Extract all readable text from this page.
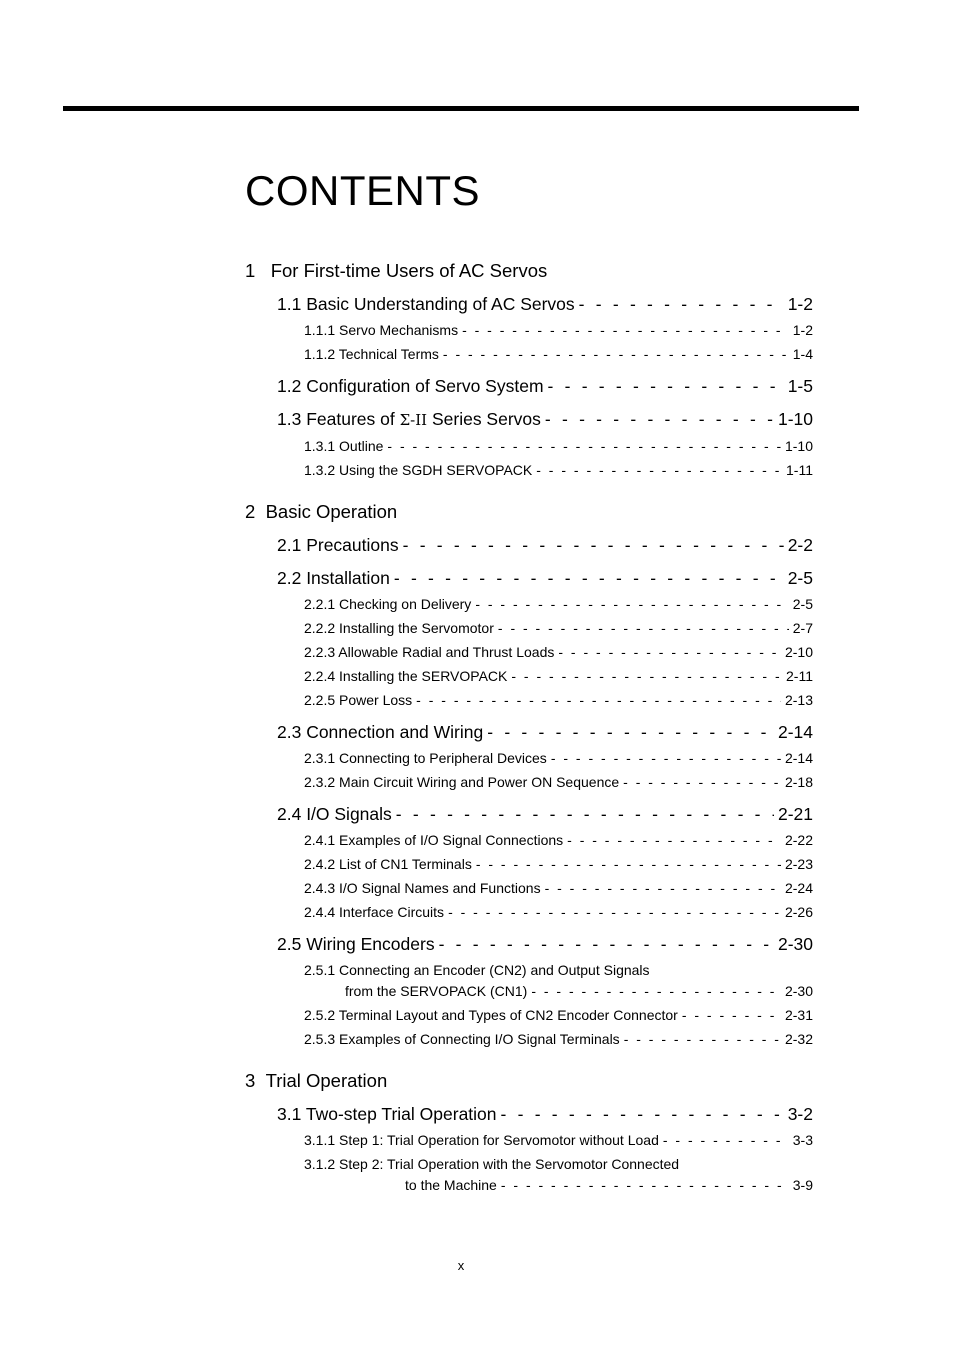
CONTENTS
1 For First-time Users of AC Servos
1.1 Basic Understanding of AC Servos - - -	1-2
1.1.1 Servo Mechanisms - - -	1-2
1.1.2 Technical Terms - - -	1-4
1.2 Configuration of Servo System - - -	1-5
1.3 Features of Σ-II Series Servos - - -	1-10
1.3.1 Outline - - -	1-10
1.3.2 Using the SGDH SERVOPACK - - -	1-11
2 Basic Operation
2.1 Precautions - - -	2-2
2.2 Installation - - -	2-5
2.2.1 Checking on Delivery - - -	2-5
2.2.2 Installing the Servomotor - - -	2-7
2.2.3 Allowable Radial and Thrust Loads - - -	2-10
2.2.4 Installing the SERVOPACK - - -	2-11
2.2.5 Power Loss - - -	2-13
2.3 Connection and Wiring - - -	2-14
2.3.1 Connecting to Peripheral Devices - - -	2-14
2.3.2 Main Circuit Wiring and Power ON Sequence - - -	2-18
2.4 I/O Signals - - -	2-21
2.4.1 Examples of I/O Signal Connections - - -	2-22
2.4.2 List of CN1 Terminals - - -	2-23
2.4.3 I/O Signal Names and Functions - - -	2-24
2.4.4 Interface Circuits - - -	2-26
2.5 Wiring Encoders - - -	2-30
2.5.1 Connecting an Encoder (CN2) and Output Signals
from the SERVOPACK (CN1) - - -	2-30
2.5.2 Terminal Layout and Types of CN2 Encoder Connector - - -	2-31
2.5.3 Examples of Connecting I/O Signal Terminals - - -	2-32
3 Trial Operation
3.1 Two-step Trial Operation - - -	3-2
3.1.1 Step 1: Trial Operation for Servomotor without Load - - -	3-3
3.1.2 Step 2: Trial Operation with the Servomotor Connected
to the Machine - - -	3-9
x
